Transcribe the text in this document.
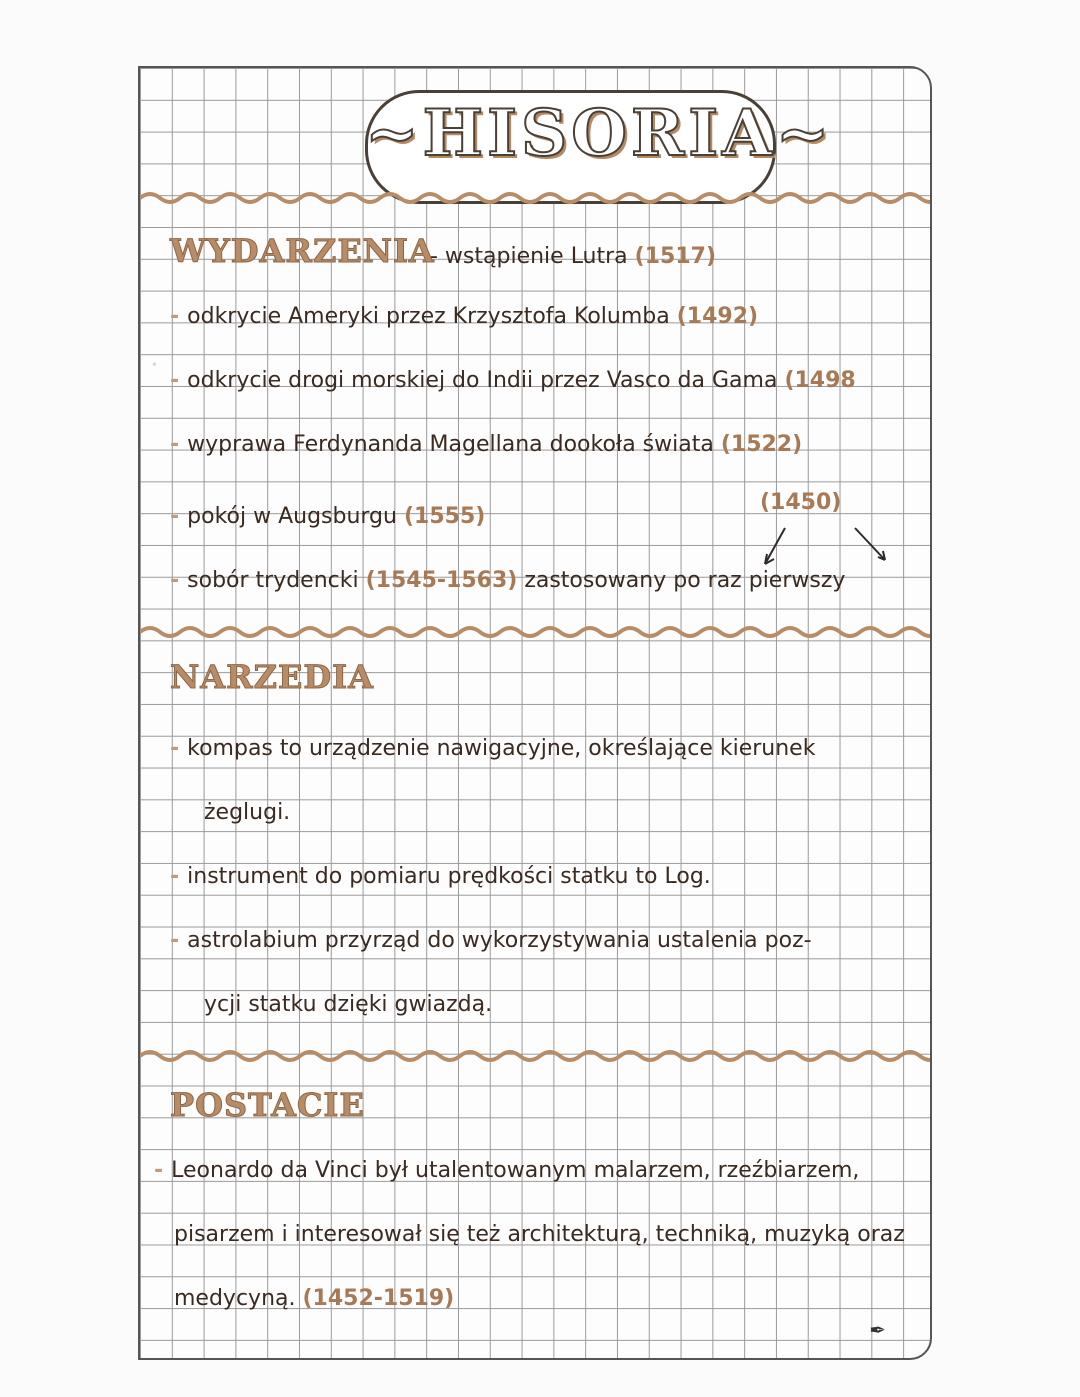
·
~HISORIA~
WYDARZENIA
- wstąpienie Lutra (1517)
- odkrycie Ameryki przez Krzysztofa Kolumba (1492)
- odkrycie drogi morskiej do Indii przez Vasco da Gama (1498
- wyprawa Ferdynanda Magellana dookoła świata (1522)
(1450)
- pokój w Augsburgu (1555)
- sobór trydencki (1545-1563) zastosowany po raz pierwszy
NARZEDIA
- kompas to urządzenie nawigacyjne, określające kierunek
żeglugi.
- instrument do pomiaru prędkości statku to Log.
- astrolabium przyrząd do wykorzystywania ustalenia poz-
ycji statku dzięki gwiazdą.
POSTACIE
- Leonardo da Vinci był utalentowanym malarzem, rzeźbiarzem,
pisarzem i interesował się też architekturą, techniką, muzyką oraz
medycyną. (1452-1519)
✒
